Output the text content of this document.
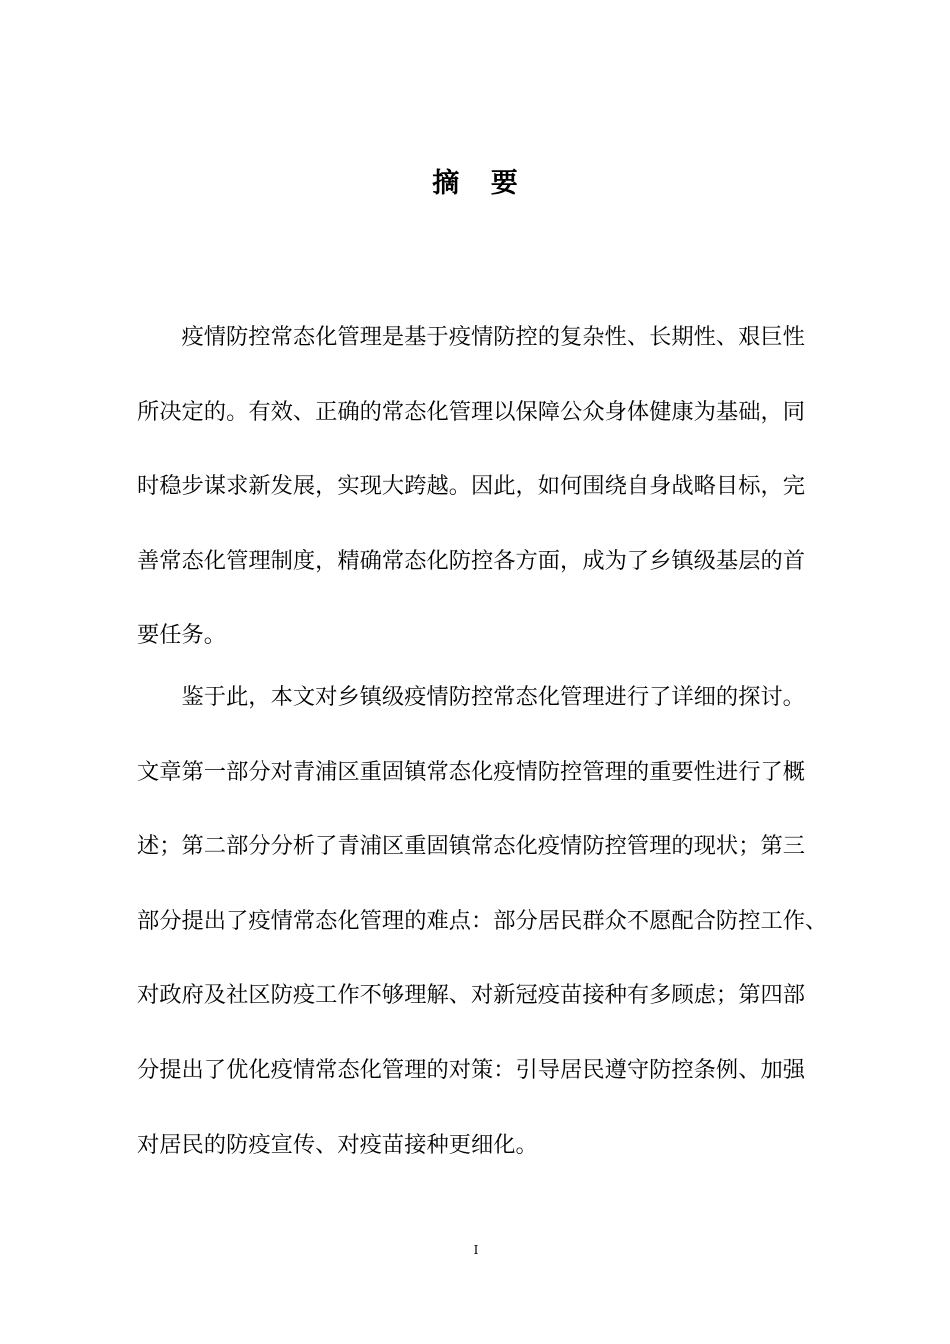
摘 要
疫情防控常态化管理是基于疫情防控的复杂性、长期性、艰巨性
所决定的。有效、正确的常态化管理以保障公众身体健康为基础，同
时稳步谋求新发展，实现大跨越。因此，如何围绕自身战略目标，完
善常态化管理制度，精确常态化防控各方面，成为了乡镇级基层的首
要任务。
鉴于此，本文对乡镇级疫情防控常态化管理进行了详细的探讨。
文章第一部分对青浦区重固镇常态化疫情防控管理的重要性进行了概
述；第二部分分析了青浦区重固镇常态化疫情防控管理的现状；第三
部分提出了疫情常态化管理的难点：部分居民群众不愿配合防控工作、
对政府及社区防疫工作不够理解、对新冠疫苗接种有多顾虑；第四部
分提出了优化疫情常态化管理的对策：引导居民遵守防控条例、加强
对居民的防疫宣传、对疫苗接种更细化。
I
